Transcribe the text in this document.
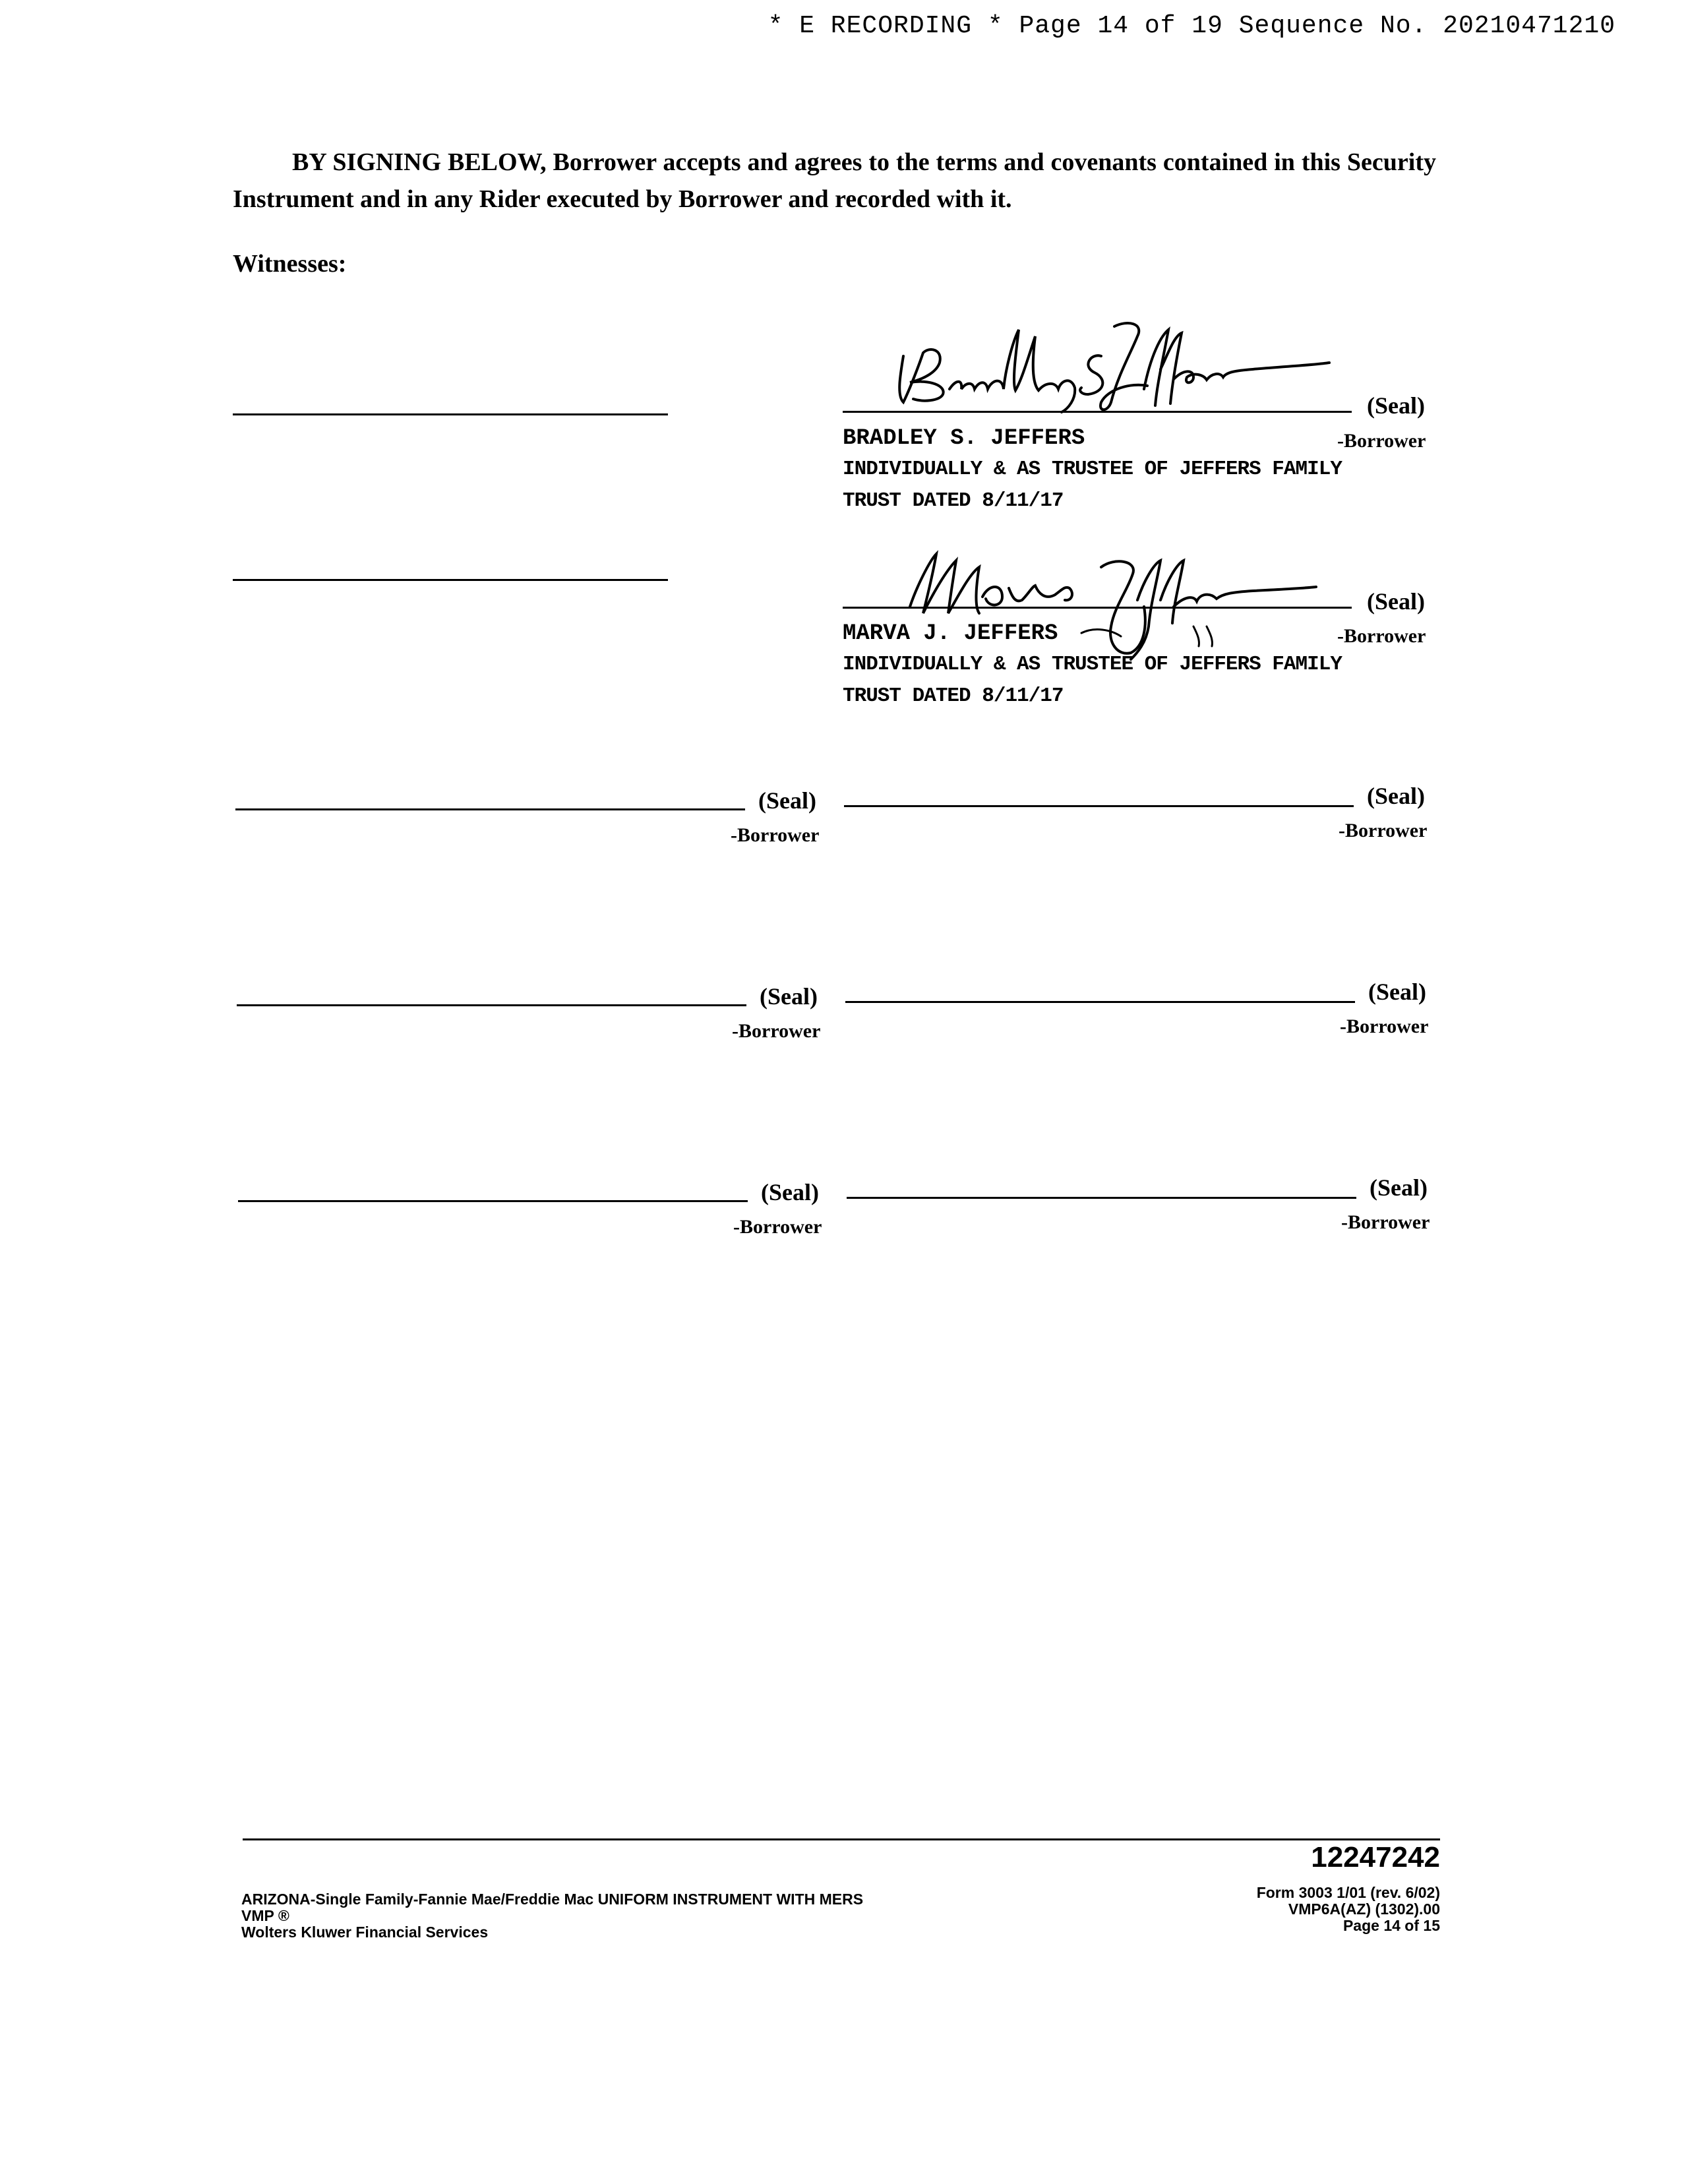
* E RECORDING * Page 14 of 19 Sequence No. 20210471210
BY SIGNING BELOW, Borrower accepts and agrees to the terms and covenants contained in this Security Instrument and in any Rider executed by Borrower and recorded with it.
Witnesses:
(Seal)
BRADLEY S. JEFFERS	-Borrower
INDIVIDUALLY & AS TRUSTEE OF JEFFERS FAMILY
TRUST DATED 8/11/17
(Seal)
MARVA J. JEFFERS	-Borrower
INDIVIDUALLY & AS TRUSTEE OF JEFFERS FAMILY
TRUST DATED 8/11/17
(Seal)
-Borrower
(Seal)
-Borrower
(Seal)
-Borrower
(Seal)
-Borrower
(Seal)
-Borrower
(Seal)
-Borrower
12247242
ARIZONA-Single Family-Fannie Mae/Freddie Mac UNIFORM INSTRUMENT WITH MERS
VMP ®
Wolters Kluwer Financial Services
Form 3003 1/01 (rev. 6/02)
VMP6A(AZ) (1302).00
Page 14 of 15
